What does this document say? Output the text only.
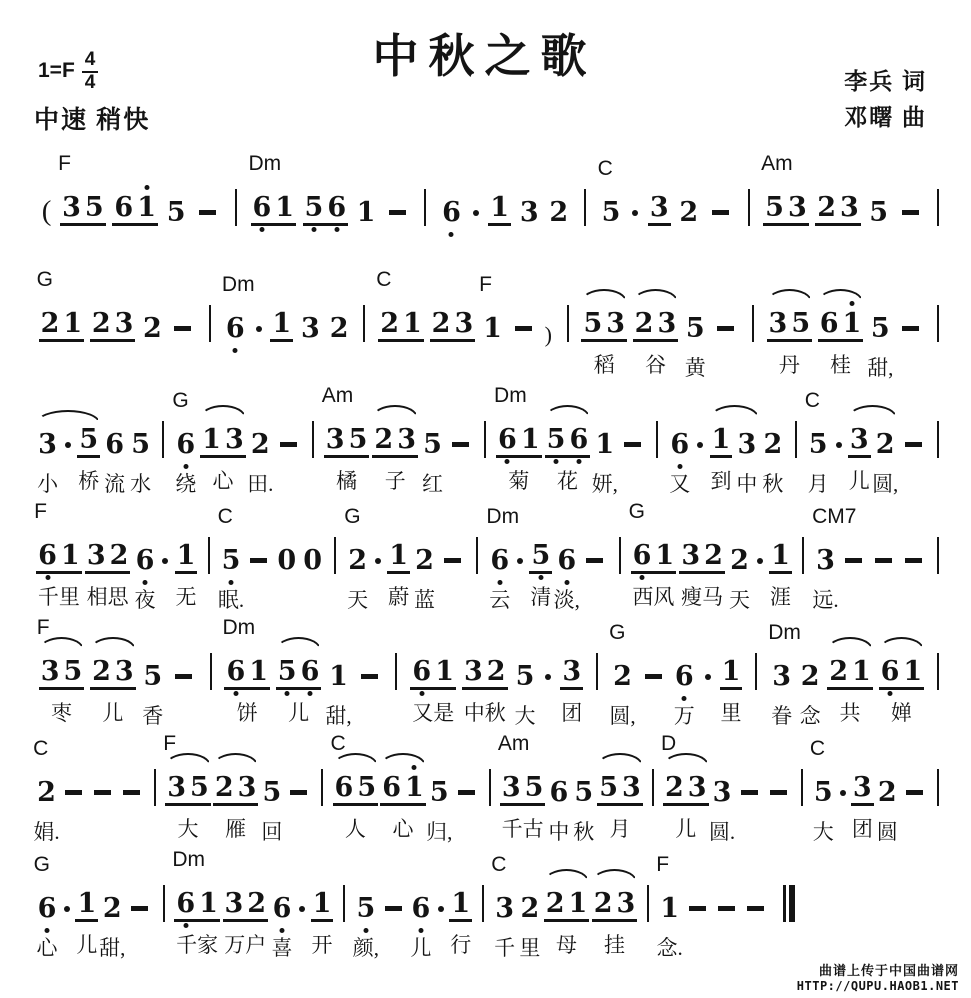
中秋之歌
$1=F \frac{4}{4}$
中速 稍快
李兵 词
邓曙 曲
(
F
3 5 6 1 5
Dm
6 1 5 6 1 6 1 3 2
C
5 3 2
Am
5 3 2 3 5
G
2 1 2 3 2
Dm
6 1 3 2
C
2 1 2 3
F
1 ) 5 3
稻
2 3
谷
5
黄
3 5
丹
6 1
桂
5
甜,
3
小
5
桥
6
流
5
水
G
6
绕
1 3
心
2
田.
Am
3 5
橘
2 3
子
5
红
Dm
6 1
菊
5 6
花
1
妍,
6
又
1
到
3
中
2
秋
C
5
月
3
儿
2
圆,
F
6 1
千里
3 2
相思
6
夜
1
无
C
5
眠.
0 0
G
2
天
1
蔚
2
蓝
Dm
6
云
5
清
6
淡,
G
6 1
西风
3 2
瘦马
2
天
1
涯
CM7
3
远.
F
3 5
枣
2 3
儿
5
香
Dm
6 1
饼
5 6
儿
1
甜,
6 1
又是
3 2
中秋
5
大
3
团
G
2
圆,
6
万
1
里
Dm
3
眷
2
念
2 1
共
6 1
婵
C
2
娟.
F
3 5
大
2 3
雁
5
回
C
6 5
人
6 1
心
5
归,
Am
3 5
千古
6
中
5
秋
5 3
月
D
2 3
儿
3
圆.
C
5
大
3
团
2
圆
G
6
心
1
儿
2
甜,
Dm
6 1
千家
3 2
万户
6
喜
1
开
5
颜,
6
儿
1
行
C
3
千
2
里
2 1
母
2 3
挂
F
1
念.
曲谱上传于中国曲谱网
HTTP://QUPU.HAOB1.NET
